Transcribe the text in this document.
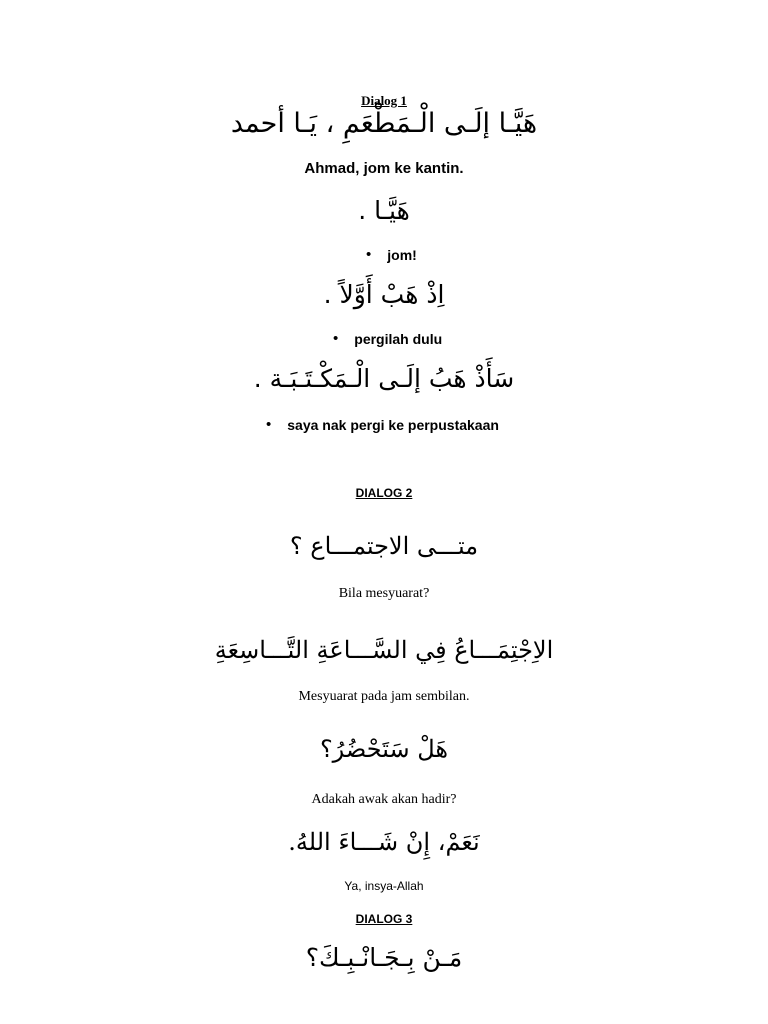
Dialog 1
هَيَّـا إلَـى الْـمَطْعَمِ ، يَـا أحمد
Ahmad, jom ke kantin.
هَيَّـا .
• jom!
اِذْ هَبْ أَوَّلاً .
• pergilah dulu
سَأَذْ هَبُ إلَـى الْـمَكْـتَـبَـة .
• saya nak pergi ke perpustakaan
DIALOG 2
متـــى الاجتمـــاع ؟
Bila mesyuarat?
الاِجْتِمَـــاعُ فِي السَّـــاعَةِ التَّـــاسِعَةِ
Mesyuarat pada jam sembilan.
هَلْ سَتَحْضُرُ؟
Adakah awak akan hadir?
نَعَمْ، إِنْ شَـــاءَ اللهُ.
Ya, insya-Allah
DIALOG 3
مَـنْ بِـجَـانْـبِـكَ؟
